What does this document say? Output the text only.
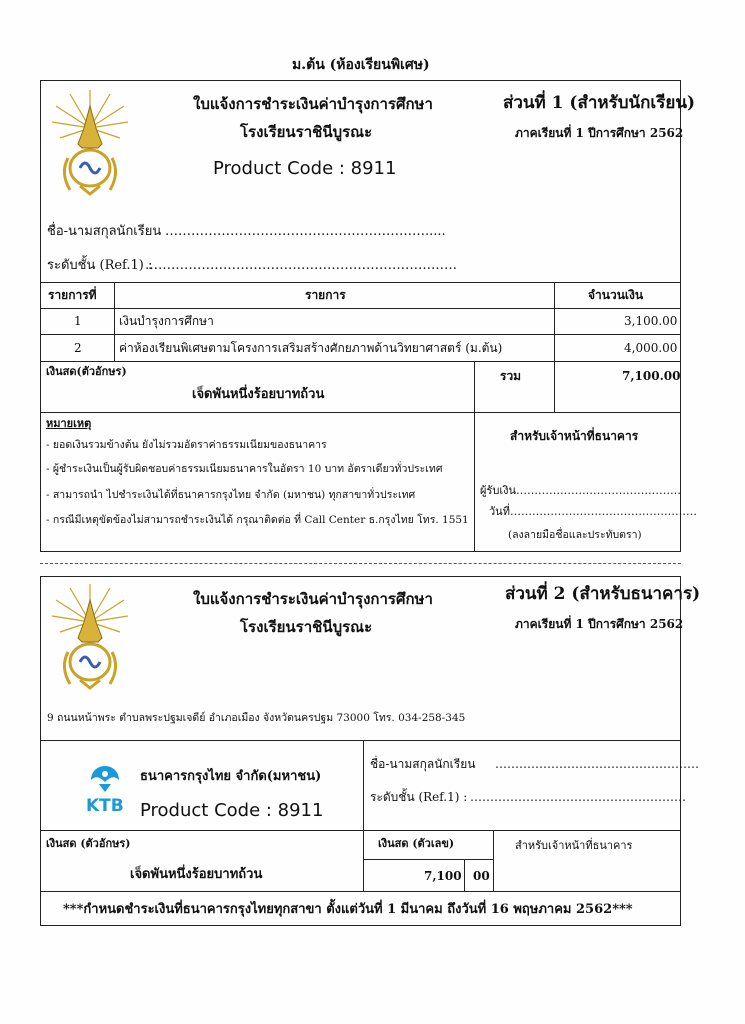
ม.ต้น (ห้องเรียนพิเศษ)
ใบแจ้งการชำระเงินค่าบำรุงการศึกษา
โรงเรียนราชินีบูรณะ
Product Code : 8911
ส่วนที่ 1 (สำหรับนักเรียน)
ภาคเรียนที่ 1 ปีการศึกษา 2562
ชื่อ-นามสกุลนักเรียน …………………………………………………….....
ระดับชั้น (Ref.1) :
………………………………………………………………
รายการที่	รายการ	จำนวนเงิน
1	เงินบำรุงการศึกษา	3,100.00
2	ค่าห้องเรียนพิเศษตามโครงการเสริมสร้างศักยภาพด้านวิทยาศาสตร์ (ม.ต้น)	4,000.00
เงินสด(ตัวอักษร)
เจ็ดพันหนึ่งร้อยบาทถ้วน
รวม	7,100.00
หมายเหตุ
- ยอดเงินรวมข้างต้น ยังไม่รวมอัตราค่าธรรมเนียมของธนาคาร
- ผู้ชำระเงินเป็นผู้รับผิดชอบค่าธรรมเนียมธนาคารในอัตรา 10 บาท อัตราเดียวทั่วประเทศ
- สามารถนำ ไปชำระเงินได้ที่ธนาคารกรุงไทย จำกัด (มหาชน) ทุกสาขาทั่วประเทศ
- กรณีมีเหตุขัดข้องไม่สามารถชำระเงินได้ กรุณาติดต่อ ที่ Call Center ธ.กรุงไทย โทร. 1551
สำหรับเจ้าหน้าที่ธนาคาร
ผู้รับเงิน………………………………………
วันที่……………………………………………
(ลงลายมือชื่อและประทับตรา)
ใบแจ้งการชำระเงินค่าบำรุงการศึกษา
โรงเรียนราชินีบูรณะ
ส่วนที่ 2 (สำหรับธนาคาร)
ภาคเรียนที่ 1 ปีการศึกษา 2562
9 ถนนหน้าพระ ตำบลพระปฐมเจดีย์ อำเภอเมือง จังหวัดนครปฐม 73000 โทร. 034-258-345
KTB
ธนาคารกรุงไทย จำกัด(มหาชน)
Product Code : 8911
ชื่อ-นามสกุลนักเรียน ……………………………………………
ระดับชั้น (Ref.1) : ………………………………………………
เงินสด (ตัวอักษร)
เจ็ดพันหนึ่งร้อยบาทถ้วน
เงินสด (ตัวเลข)
7,100 00
สำหรับเจ้าหน้าที่ธนาคาร
***กำหนดชำระเงินที่ธนาคารกรุงไทยทุกสาขา ตั้งแต่วันที่ 1 มีนาคม ถึงวันที่ 16 พฤษภาคม 2562***
